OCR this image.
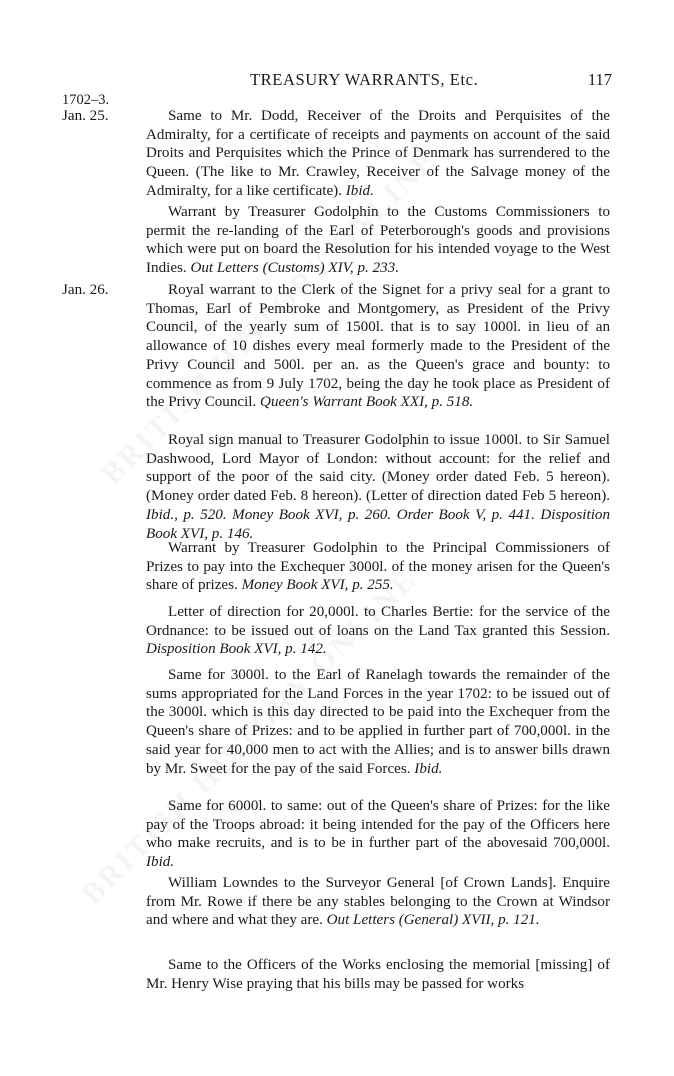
TREASURY WARRANTS, Etc.	117
1702–3.
Jan. 25.	Same to Mr. Dodd, Receiver of the Droits and Perquisites of the Admiralty, for a certificate of receipts and payments on account of the said Droits and Perquisites which the Prince of Denmark has surrendered to the Queen. (The like to Mr. Crawley, Receiver of the Salvage money of the Admiralty, for a like certificate). Ibid.
Warrant by Treasurer Godolphin to the Customs Commissioners to permit the re-landing of the Earl of Peterborough's goods and provisions which were put on board the Resolution for his intended voyage to the West Indies. Out Letters (Customs) XIV, p. 233.
Jan. 26.	Royal warrant to the Clerk of the Signet for a privy seal for a grant to Thomas, Earl of Pembroke and Montgomery, as President of the Privy Council, of the yearly sum of 1500l. that is to say 1000l. in lieu of an allowance of 10 dishes every meal formerly made to the President of the Privy Council and 500l. per an. as the Queen's grace and bounty: to commence as from 9 July 1702, being the day he took place as President of the Privy Council. Queen's Warrant Book XXI, p. 518.
Royal sign manual to Treasurer Godolphin to issue 1000l. to Sir Samuel Dashwood, Lord Mayor of London: without account: for the relief and support of the poor of the said city. (Money order dated Feb. 5 hereon). (Money order dated Feb. 8 hereon). (Letter of direction dated Feb 5 hereon). Ibid., p. 520. Money Book XVI, p. 260. Order Book V, p. 441. Disposition Book XVI, p. 146.
Warrant by Treasurer Godolphin to the Principal Commissioners of Prizes to pay into the Exchequer 3000l. of the money arisen for the Queen's share of prizes. Money Book XVI, p. 255.
Letter of direction for 20,000l. to Charles Bertie: for the service of the Ordnance: to be issued out of loans on the Land Tax granted this Session. Disposition Book XVI, p. 142.
Same for 3000l. to the Earl of Ranelagh towards the remainder of the sums appropriated for the Land Forces in the year 1702: to be issued out of the 3000l. which is this day directed to be paid into the Exchequer from the Queen's share of Prizes: and to be applied in further part of 700,000l. in the said year for 40,000 men to act with the Allies; and is to answer bills drawn by Mr. Sweet for the pay of the said Forces. Ibid.
Same for 6000l. to same: out of the Queen's share of Prizes: for the like pay of the Troops abroad: it being intended for the pay of the Officers here who make recruits, and is to be in further part of the abovesaid 700,000l. Ibid.
William Lowndes to the Surveyor General [of Crown Lands]. Enquire from Mr. Rowe if there be any stables belonging to the Crown at Windsor and where and what they are. Out Letters (General) XVII, p. 121.
Same to the Officers of the Works enclosing the memorial [missing] of Mr. Henry Wise praying that his bills may be passed for works
